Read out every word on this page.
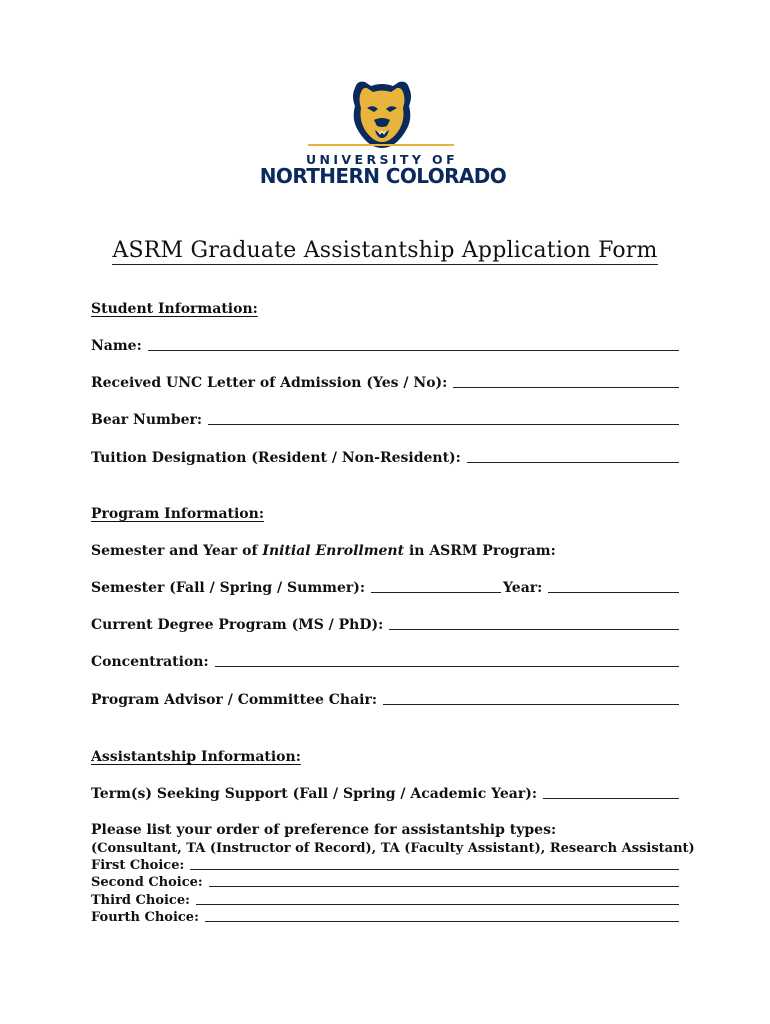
UNIVERSITY OF
NORTHERN COLORADO
ASRM Graduate Assistantship Application Form
Student Information:
Name:
Received UNC Letter of Admission (Yes / No):
Bear Number:
Tuition Designation (Resident / Non-Resident):
Program Information:
Semester and Year of Initial Enrollment in ASRM Program:
Semester (Fall / Spring / Summer):	Year:
Current Degree Program (MS / PhD):
Concentration:
Program Advisor / Committee Chair:
Assistantship Information:
Term(s) Seeking Support (Fall / Spring / Academic Year):
Please list your order of preference for assistantship types:
(Consultant, TA (Instructor of Record), TA (Faculty Assistant), Research Assistant)
First Choice:
Second Choice:
Third Choice:
Fourth Choice:
